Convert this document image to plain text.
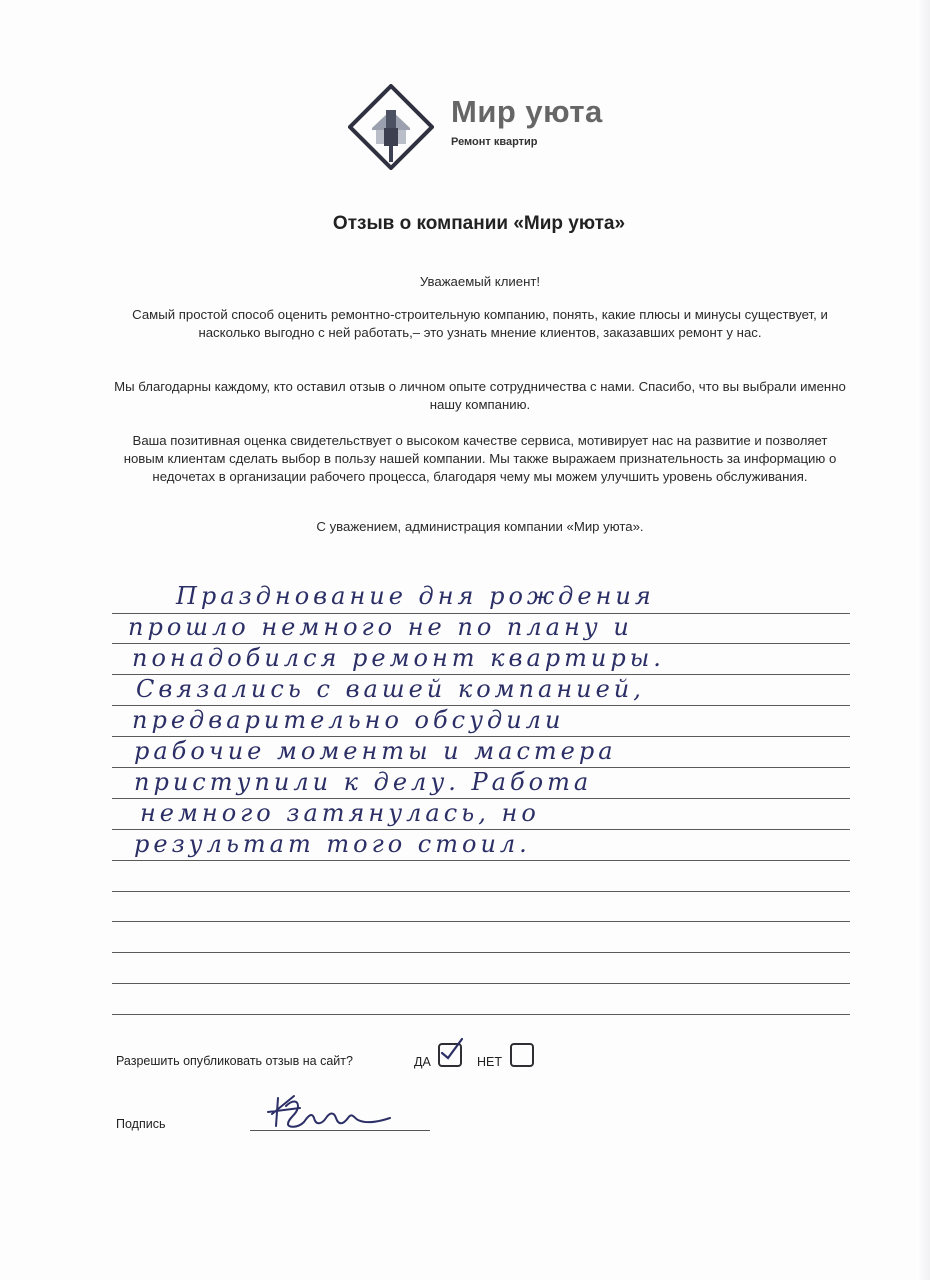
Мир уюта
Ремонт квартир
Отзыв о компании «Мир уюта»
Уважаемый клиент!
Самый простой способ оценить ремонтно-строительную компанию, понять, какие плюсы и минусы существует, и насколько выгодно с ней работать,– это узнать мнение клиентов, заказавших ремонт у нас.
Мы благодарны каждому, кто оставил отзыв о личном опыте сотрудничества с нами. Спасибо, что вы выбрали именно нашу компанию.
Ваша позитивная оценка свидетельствует о высоком качестве сервиса, мотивирует нас на развитие и позволяет новым клиентам сделать выбор в пользу нашей компании. Мы также выражаем признательность за информацию о недочетах в организации рабочего процесса, благодаря чему мы можем улучшить уровень обслуживания.
С уважением, администрация компании «Мир уюта».
Празднование дня рождения
прошло немного не по плану и
понадобился ремонт квартиры.
Связались с вашей компанией,
предварительно обсудили
рабочие моменты и мастера
приступили к делу. Работа
немного затянулась, но
результат того стоил.
Разрешить опубликовать отзыв на сайт?	ДА	НЕТ
Подпись
